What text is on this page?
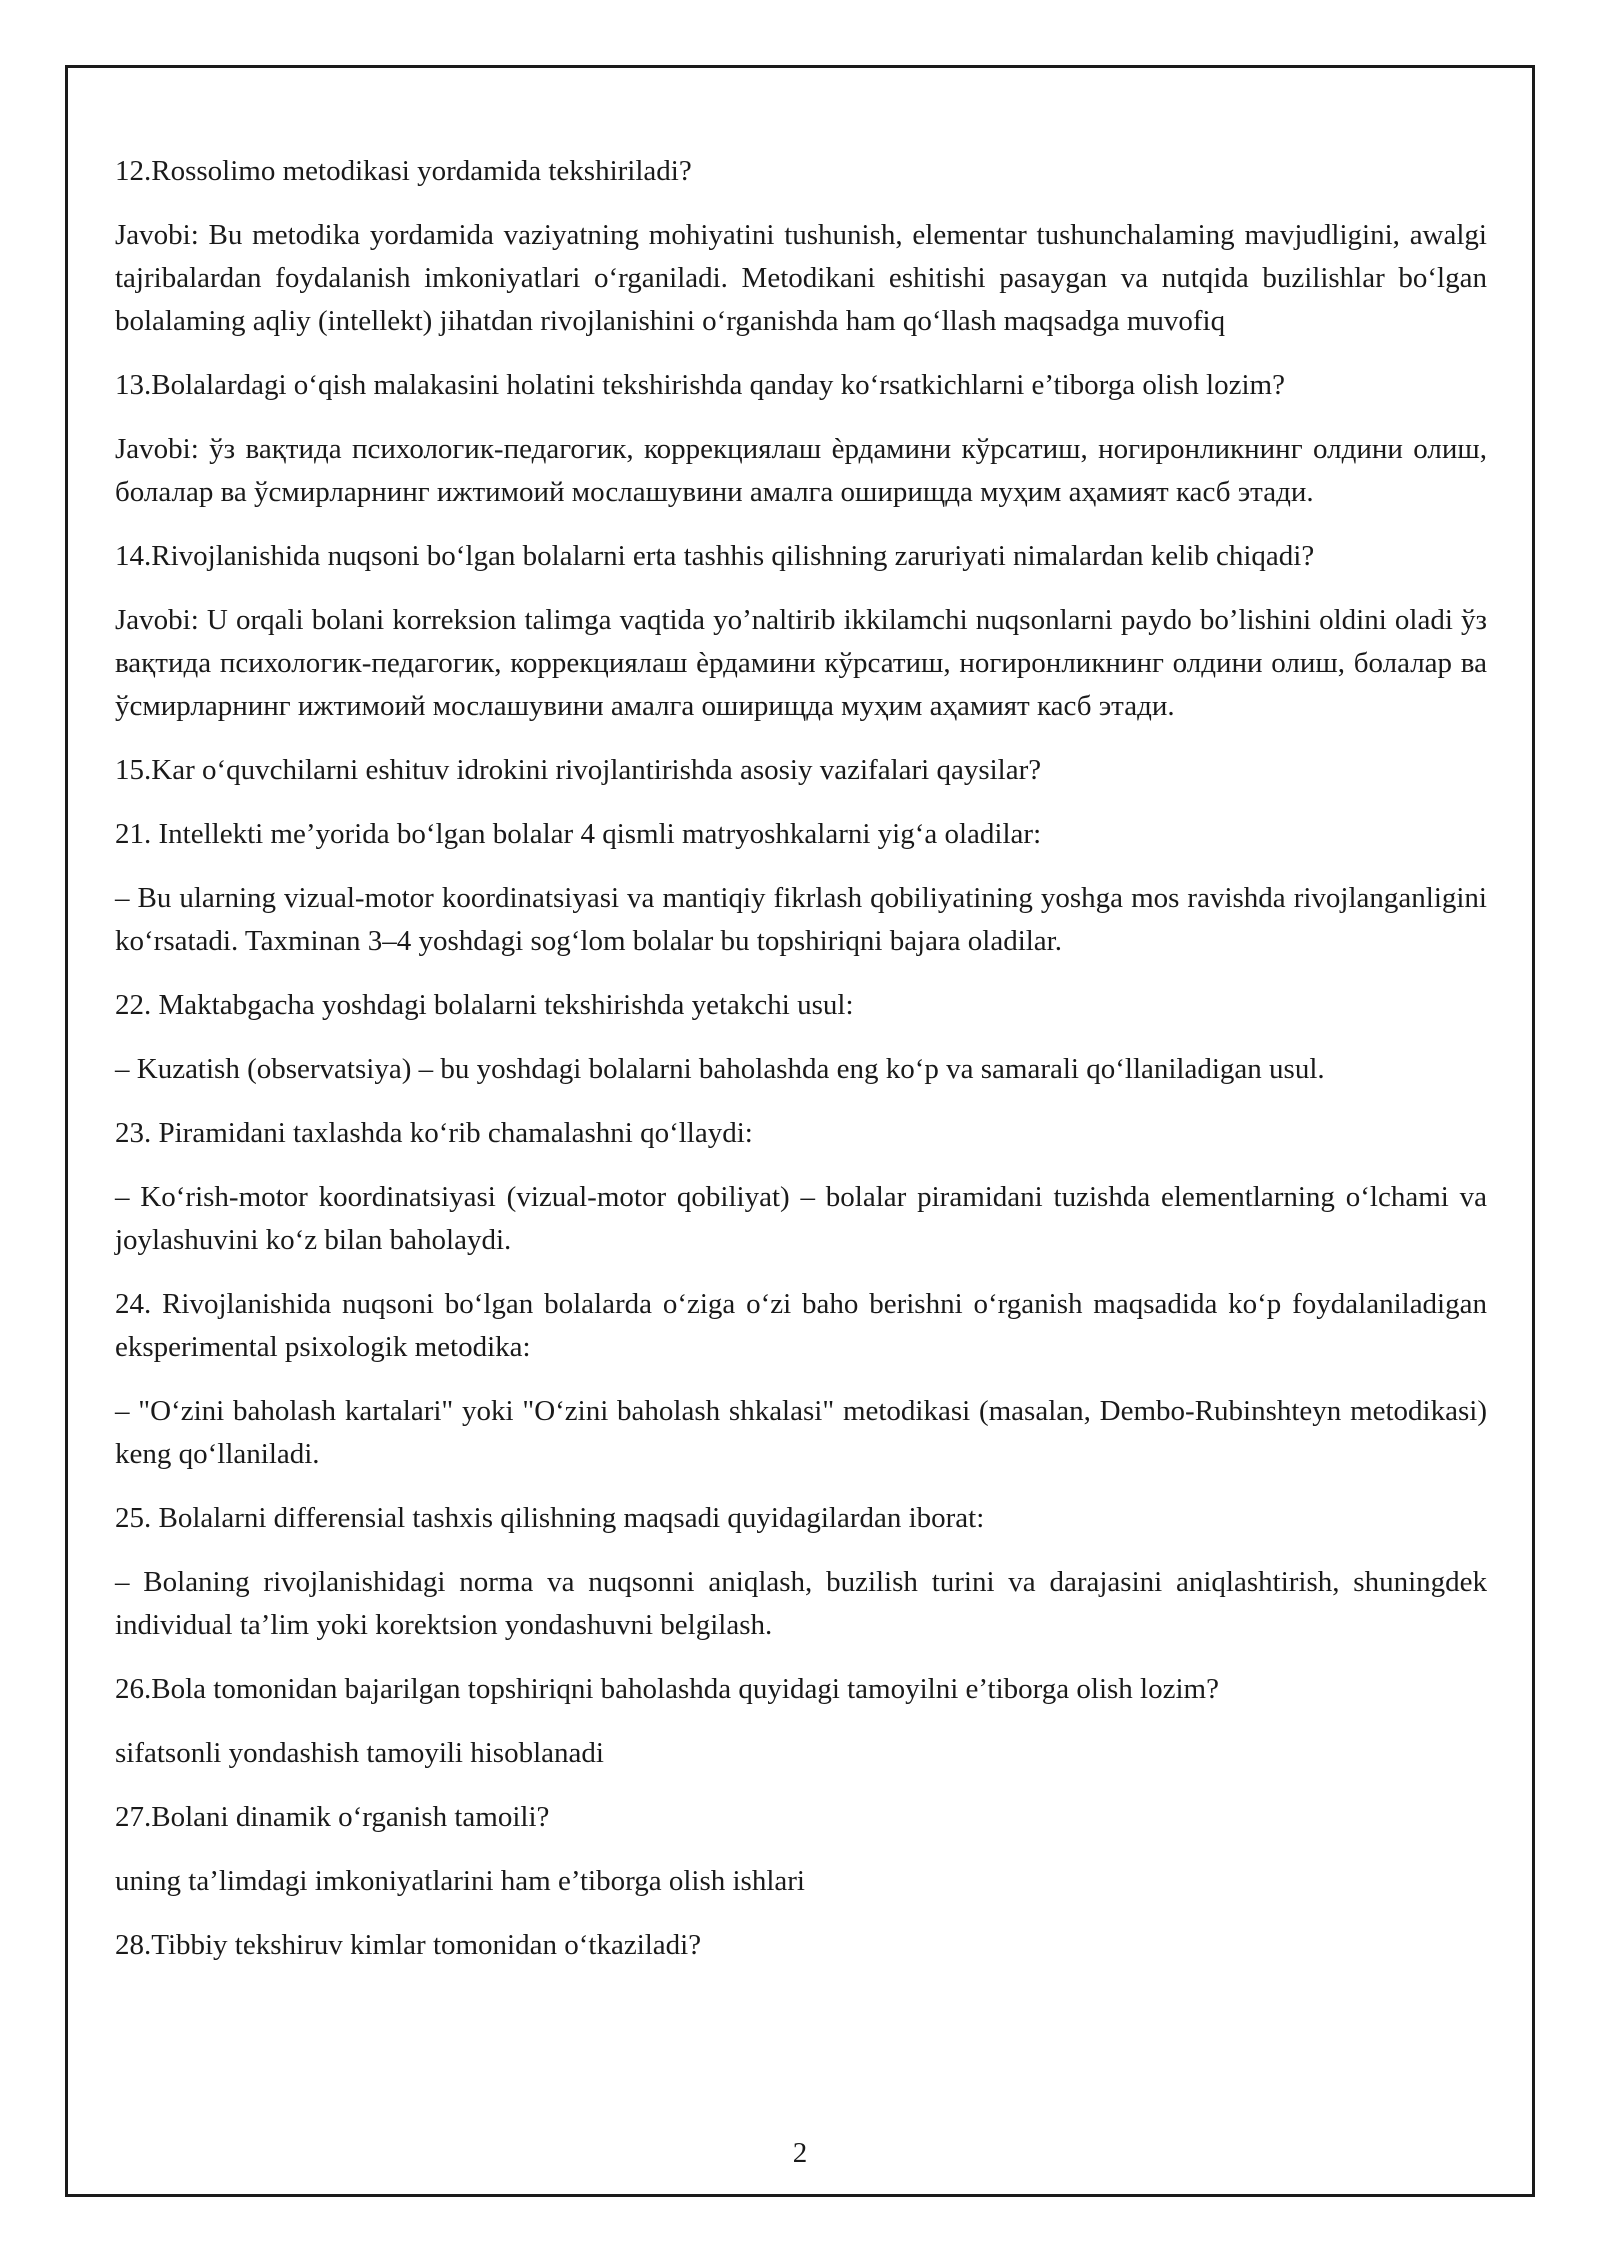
12.Rossolimo metodikasi yordamida tekshiriladi?

Javobi: Bu metodika yordamida vaziyatning mohiyatini tushunish, elementar tushunchalaming mavjudligini, awalgi tajribalardan foydalanish imkoniyatlari oʻrganiladi. Metodikani eshitishi pasaygan va nutqida buzilishlar boʻlgan bolalaming aqliy (intellekt) jihatdan rivojlanishini oʻrganishda ham qoʻllash maqsadga muvofiq

13.Bolalardagi oʻqish malakasini holatini tekshirishda qanday koʻrsatkichlarni e’tiborga olish lozim?

Javobi: ўз вақтида психологик-педагогик, коррекциялаш ѐрдамини кўрсатиш, ногиронликнинг олдини олиш, болалар ва ўсмирларнинг ижтимоий мослашувини амалга оширищда муҳим аҳамият касб этади.

14.Rivojlanishida nuqsoni boʻlgan bolalarni erta tashhis qilishning zaruriyati nimalardan kelib chiqadi?

Javobi: U orqali bolani korreksion talimga vaqtida yo’naltirib ikkilamchi nuqsonlarni paydo bo’lishini oldini oladi ўз вақтида психологик-педагогик, коррекциялаш ѐрдамини кўрсатиш, ногиронликнинг олдини олиш, болалар ва ўсмирларнинг ижтимоий мослашувини амалга оширищда муҳим аҳамият касб этади.

15.Kar oʻquvchilarni eshituv idrokini rivojlantirishda asosiy vazifalari qaysilar?

21. Intellekti me’yorida boʻlgan bolalar 4 qismli matryoshkalarni yigʻa oladilar:

– Bu ularning vizual-motor koordinatsiyasi va mantiqiy fikrlash qobiliyatining yoshga mos ravishda rivojlanganligini koʻrsatadi. Taxminan 3–4 yoshdagi sogʻlom bolalar bu topshiriqni bajara oladilar.

22. Maktabgacha yoshdagi bolalarni tekshirishda yetakchi usul:

– Kuzatish (observatsiya) – bu yoshdagi bolalarni baholashda eng koʻp va samarali qoʻllaniladigan usul.

23. Piramidani taxlashda koʻrib chamalashni qoʻllaydi:

– Koʻrish-motor koordinatsiyasi (vizual-motor qobiliyat) – bolalar piramidani tuzishda elementlarning oʻlchami va joylashuvini koʻz bilan baholaydi.

24. Rivojlanishida nuqsoni boʻlgan bolalarda oʻziga oʻzi baho berishni oʻrganish maqsadida koʻp foydalaniladigan eksperimental psixologik metodika:

– "Oʻzini baholash kartalari" yoki "Oʻzini baholash shkalasi" metodikasi (masalan, Dembo-Rubinshteyn metodikasi) keng qoʻllaniladi.

25. Bolalarni differensial tashxis qilishning maqsadi quyidagilardan iborat:

– Bolaning rivojlanishidagi norma va nuqsonni aniqlash, buzilish turini va darajasini aniqlashtirish, shuningdek individual ta’lim yoki korektsion yondashuvni belgilash.

26.Bola tomonidan bajarilgan topshiriqni baholashda quyidagi tamoyilni e’tiborga olish lozim?

sifatsonli yondashish tamoyili hisoblanadi

27.Bolani dinamik oʻrganish tamoili?

uning ta’limdagi imkoniyatlarini ham e’tiborga olish ishlari

28.Tibbiy tekshiruv kimlar tomonidan oʻtkaziladi?

2
